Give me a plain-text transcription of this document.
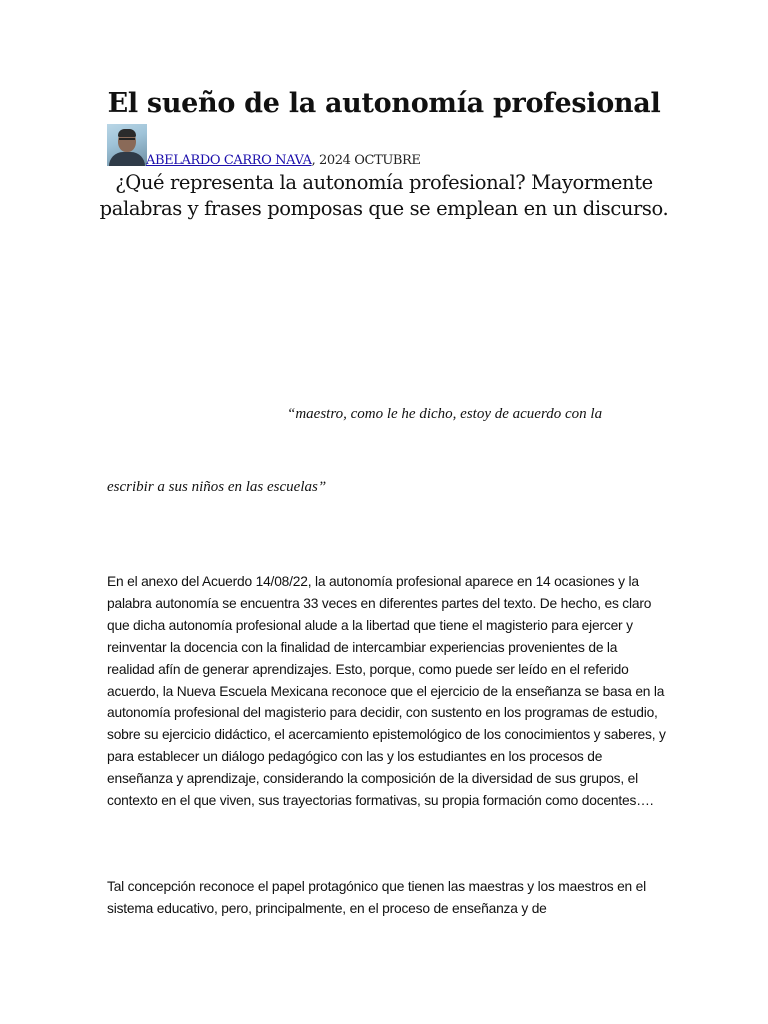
El sueño de la autonomía profesional
ABELARDO CARRO NAVA, 2024 OCTUBRE

¿Qué representa la autonomía profesional? Mayormente palabras y frases pomposas que se emplean en un discurso.

“maestro, como le he dicho, estoy de acuerdo con la
escribir a sus niños en las escuelas”

En el anexo del Acuerdo 14/08/22, la autonomía profesional aparece en 14 ocasiones y la palabra autonomía se encuentra 33 veces en diferentes partes del texto. De hecho, es claro que dicha autonomía profesional alude a la libertad que tiene el magisterio para ejercer y reinventar la docencia con la finalidad de intercambiar experiencias provenientes de la realidad afín de generar aprendizajes. Esto, porque, como puede ser leído en el referido acuerdo, la Nueva Escuela Mexicana reconoce que el ejercicio de la enseñanza se basa en la autonomía profesional del magisterio para decidir, con sustento en los programas de estudio, sobre su ejercicio didáctico, el acercamiento epistemológico de los conocimientos y saberes, y para establecer un diálogo pedagógico con las y los estudiantes en los procesos de enseñanza y aprendizaje, considerando la composición de la diversidad de sus grupos, el contexto en el que viven, sus trayectorias formativas, su propia formación como docentes….

Tal concepción reconoce el papel protagónico que tienen las maestras y los maestros en el sistema educativo, pero, principalmente, en el proceso de enseñanza y de
